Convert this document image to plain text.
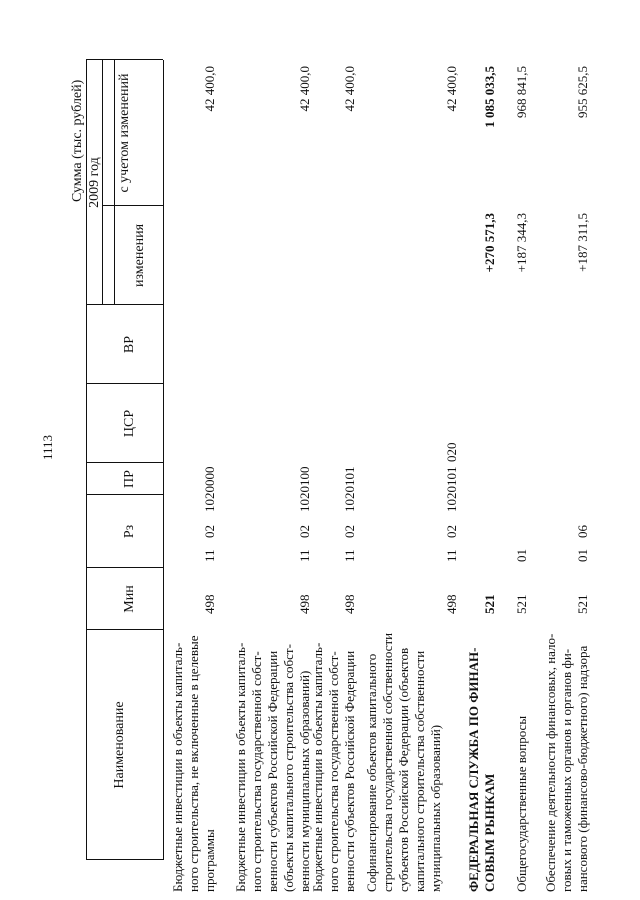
1113
Сумма (тыс. рублей)
Наименование
Мин
Рз
ПР
ЦСР
ВР
2009 год
изменения
с учетом изменений
Бюджетные инвестиции в объекты капиталь-ного строительства, не включенные в целевые программы
498
11
02
1020000
42 400,0
Бюджетные инвестиции в объекты капиталь-ного строительства государственной собст-венности субъектов Российской Федерации (объекты капитального строительства собст-венности муниципальных образований)
498
11
02
1020100
42 400,0
Бюджетные инвестиции в объекты капиталь-ного строительства государственной собст-венности субъектов Российской Федерации
498
11
02
1020101
42 400,0
Софинансирование объектов капитального строительства государственной собственности субъектов Российской Федерации (объектов капитального строительства собственности муниципальных образований)
498
11
02
1020101
020
42 400,0
ФЕДЕРАЛЬНАЯ СЛУЖБА ПО ФИНАН-СОВЫМ РЫНКАМ
521
+270 571,3
1 085 033,5
Общегосударственные вопросы
521
01
+187 344,3
968 841,5
Обеспечение деятельности финансовых, нало-говых и таможенных органов и органов фи-нансового (финансово-бюджетного) надзора
521
01
06
+187 311,5
955 625,5
